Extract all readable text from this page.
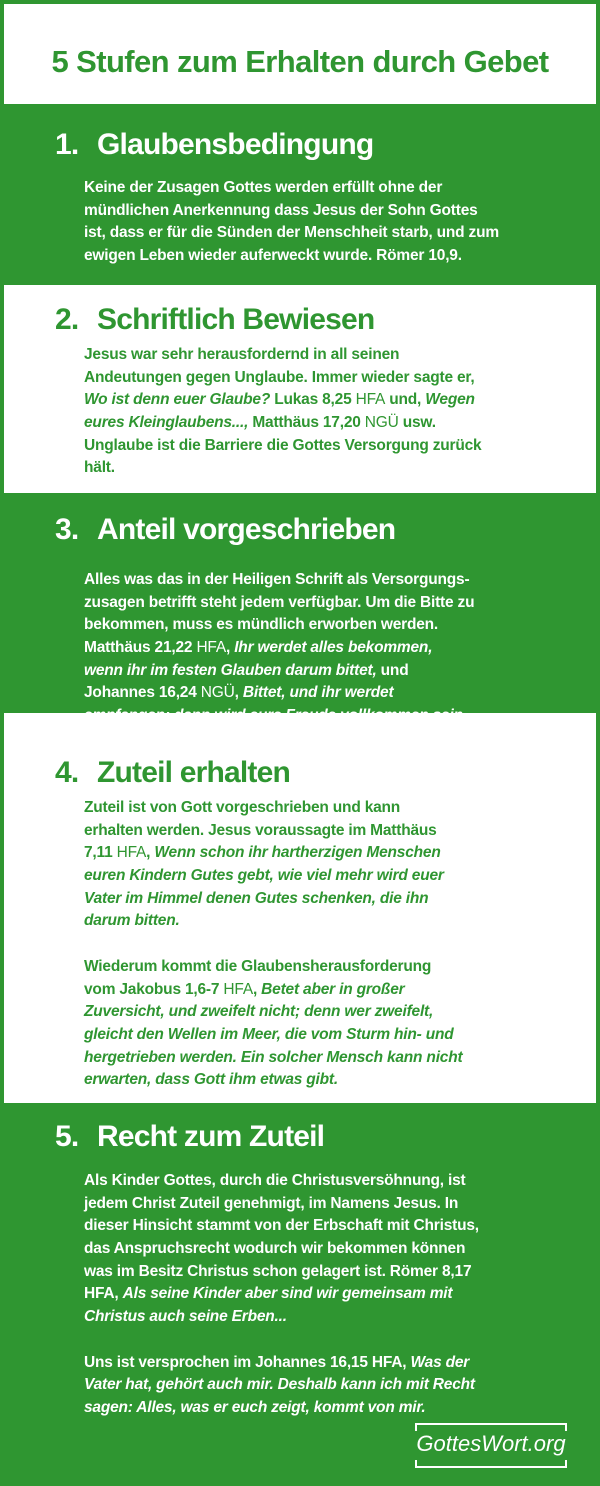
5 Stufen zum Erhalten durch Gebet
1. Glaubensbedingung
Keine der Zusagen Gottes werden erfüllt ohne der
mündlichen Anerkennung dass Jesus der Sohn Gottes
ist, dass er für die Sünden der Menschheit starb, und zum
ewigen Leben wieder auferweckt wurde. Römer 10,9.
2. Schriftlich Bewiesen
Jesus war sehr herausfordernd in all seinen
Andeutungen gegen Unglaube. Immer wieder sagte er,
Wo ist denn euer Glaube? Lukas 8,25 HFA und, Wegen
eures Kleinglaubens..., Matthäus 17,20 NGÜ usw.
Unglaube ist die Barriere die Gottes Versorgung zurück
hält.
3. Anteil vorgeschrieben
Alles was das in der Heiligen Schrift als Versorgungs-
zusagen betrifft steht jedem verfügbar. Um die Bitte zu
bekommen, muss es mündlich erworben werden.
Matthäus 21,22 HFA, Ihr werdet alles bekommen,
wenn ihr im festen Glauben darum bittet, und
Johannes 16,24 NGÜ, Bittet, und ihr werdet
empfangen; dann wird eure Freude vollkommen sein.
4. Zuteil erhalten
Zuteil ist von Gott vorgeschrieben und kann
erhalten werden. Jesus voraussagte im Matthäus
7,11 HFA, Wenn schon ihr hartherzigen Menschen
euren Kindern Gutes gebt, wie viel mehr wird euer
Vater im Himmel denen Gutes schenken, die ihn
darum bitten.
Wiederum kommt die Glaubensherausforderung
vom Jakobus 1,6-7 HFA, Betet aber in großer
Zuversicht, und zweifelt nicht; denn wer zweifelt,
gleicht den Wellen im Meer, die vom Sturm hin- und
hergetrieben werden. Ein solcher Mensch kann nicht
erwarten, dass Gott ihm etwas gibt.
5. Recht zum Zuteil
Als Kinder Gottes, durch die Christusversöhnung, ist
jedem Christ Zuteil genehmigt, im Namens Jesus. In
dieser Hinsicht stammt von der Erbschaft mit Christus,
das Anspruchsrecht wodurch wir bekommen können
was im Besitz Christus schon gelagert ist. Römer 8,17
HFA, Als seine Kinder aber sind wir gemeinsam mit
Christus auch seine Erben...
Uns ist versprochen im Johannes 16,15 HFA, Was der
Vater hat, gehört auch mir. Deshalb kann ich mit Recht
sagen: Alles, was er euch zeigt, kommt von mir.
GottesWort.org
